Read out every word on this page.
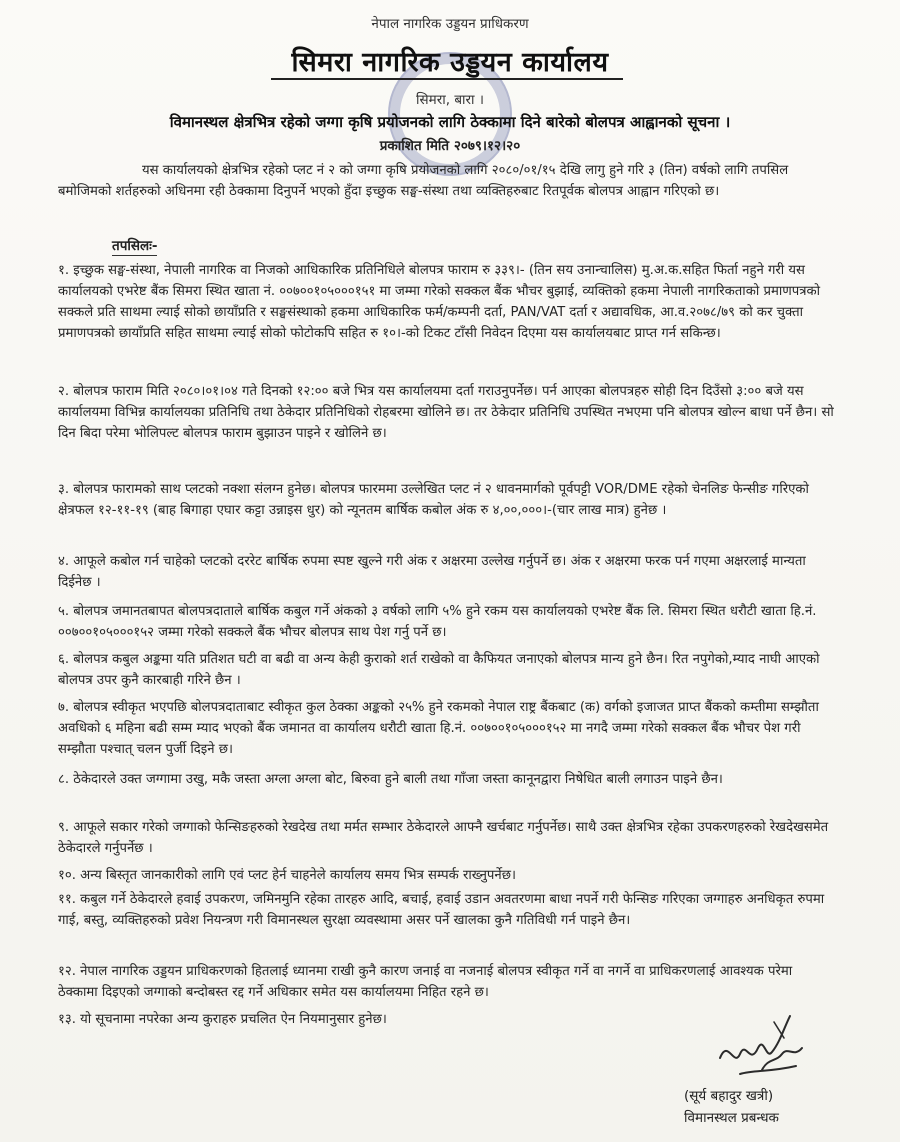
नेपाल नागरिक उड्डयन प्राधिकरण
सिमरा नागरिक उड्डयन कार्यालय
सिमरा, बारा ।
विमानस्थल क्षेत्रभित्र रहेको जग्गा कृषि प्रयोजनको लागि ठेक्कामा दिने बारेको बोलपत्र आह्वानको सूचना ।
प्रकाशित मिति २०७९।१२।२०
यस कार्यालयको क्षेत्रभित्र रहेको प्लट नं २ को जग्गा कृषि प्रयोजनको लागि २०८०/०१/१५ देखि लागु हुने गरि ३ (तिन) वर्षको लागि तपसिल बमोजिमको शर्तहरुको अधिनमा रही ठेक्कामा दिनुपर्ने भएको हुँदा इच्छुक सङ्घ-संस्था तथा व्यक्तिहरुबाट रितपूर्वक बोलपत्र आह्वान गरिएको छ।
तपसिलः-
१. इच्छुक सङ्घ-संस्था, नेपाली नागरिक वा निजको आधिकारिक प्रतिनिधिले बोलपत्र फाराम रु ३३९।- (तिन सय उनान्चालिस) मु.अ.क.सहित फिर्ता नहुने गरी यस कार्यालयको एभरेष्ट बैंक सिमरा स्थित खाता नं. ००७००१०५०००१५१ मा जम्मा गरेको सक्कल बैंक भौचर बुझाई, व्यक्तिको हकमा नेपाली नागरिकताको प्रमाणपत्रको सक्कले प्रति साथमा ल्याई सोको छायाँप्रति र सङ्घसंस्थाको हकमा आधिकारिक फर्म/कम्पनी दर्ता, PAN/VAT दर्ता र अद्यावधिक, आ.व.२०७८/७९ को कर चुक्ता प्रमाणपत्रको छायाँप्रति सहित साथमा ल्याई सोको फोटोकपि सहित रु १०।-को टिकट टाँसी निवेदन दिएमा यस कार्यालयबाट प्राप्त गर्न सकिन्छ।
२. बोलपत्र फाराम मिति २०८०।०१।०४ गते दिनको १२:०० बजे भित्र यस कार्यालयमा दर्ता गराउनुपर्नेछ। पर्न आएका बोलपत्रहरु सोही दिन दिउँसो ३:०० बजे यस कार्यालयमा विभिन्न कार्यालयका प्रतिनिधि तथा ठेकेदार प्रतिनिधिको रोहबरमा खोलिने छ। तर ठेकेदार प्रतिनिधि उपस्थित नभएमा पनि बोलपत्र खोल्न बाधा पर्ने छैन। सो दिन बिदा परेमा भोलिपल्ट बोलपत्र फाराम बुझाउन पाइने र खोलिने छ।
३. बोलपत्र फारामको साथ प्लटको नक्शा संलग्न हुनेछ। बोलपत्र फारममा उल्लेखित प्लट नं २ धावनमार्गको पूर्वपट्टी VOR/DME रहेको चेनलिङ फेन्सीङ गरिएको क्षेत्रफल १२-११-१९ (बाह बिगाहा एघार कट्टा उन्नाइस धुर) को न्यूनतम बार्षिक कबोल अंक रु ४,००,०००।-(चार लाख मात्र) हुनेछ ।
४. आफूले कबोल गर्न चाहेको प्लटको दररेट बार्षिक रुपमा स्पष्ट खुल्ने गरी अंक र अक्षरमा उल्लेख गर्नुपर्ने छ। अंक र अक्षरमा फरक पर्न गएमा अक्षरलाई मान्यता दिईनेछ ।
५. बोलपत्र जमानतबापत बोलपत्रदाताले बार्षिक कबुल गर्ने अंकको ३ वर्षको लागि ५% हुने रकम यस कार्यालयको एभरेष्ट बैंक लि. सिमरा स्थित धरौटी खाता हि.नं. ००७००१०५०००१५२ जम्मा गरेको सक्कले बैंक भौचर बोलपत्र साथ पेश गर्नु पर्ने छ।
६. बोलपत्र कबुल अङ्कमा यति प्रतिशत घटी वा बढी वा अन्य केही कुराको शर्त राखेको वा कैफियत जनाएको बोलपत्र मान्य हुने छैन। रित नपुगेको,म्याद नाघी आएको बोलपत्र उपर कुनै कारबाही गरिने छैन ।
७. बोलपत्र स्वीकृत भएपछि बोलपत्रदाताबाट स्वीकृत कुल ठेक्का अङ्कको २५% हुने रकमको नेपाल राष्ट्र बैंकबाट (क) वर्गको इजाजत प्राप्त बैंकको कम्तीमा सम्झौता अवधिको ६ महिना बढी सम्म म्याद भएको बैंक जमानत वा कार्यालय धरौटी खाता हि.नं. ००७००१०५०००१५२ मा नगदै जम्मा गरेको सक्कल बैंक भौचर पेश गरी सम्झौता पश्चात् चलन पुर्जी दिइने छ।
८. ठेकेदारले उक्त जग्गामा उखु, मकै जस्ता अग्ला अग्ला बोट, बिरुवा हुने बाली तथा गाँजा जस्ता कानूनद्वारा निषेधित बाली लगाउन पाइने छैन।
९. आफूले सकार गरेको जग्गाको फेन्सिङहरुको रेखदेख तथा मर्मत सम्भार ठेकेदारले आफ्नै खर्चबाट गर्नुपर्नेछ। साथै उक्त क्षेत्रभित्र रहेका उपकरणहरुको रेखदेखसमेत ठेकेदारले गर्नुपर्नेछ ।
१०. अन्य बिस्तृत जानकारीको लागि एवं प्लट हेर्न चाहनेले कार्यालय समय भित्र सम्पर्क राख्नुपर्नेछ।
११. कबुल गर्ने ठेकेदारले हवाई उपकरण, जमिनमुनि रहेका तारहरु आदि, बचाई, हवाई उडान अवतरणमा बाधा नपर्ने गरी फेन्सिङ गरिएका जग्गाहरु अनधिकृत रुपमा गाई, बस्तु, व्यक्तिहरुको प्रवेश नियन्त्रण गरी विमानस्थल सुरक्षा व्यवस्थामा असर पर्ने खालका कुनै गतिविधी गर्न पाइने छैन।
१२. नेपाल नागरिक उड्डयन प्राधिकरणको हितलाई ध्यानमा राखी कुनै कारण जनाई वा नजनाई बोलपत्र स्वीकृत गर्ने वा नगर्ने वा प्राधिकरणलाई आवश्यक परेमा ठेक्कामा दिइएको जग्गाको बन्दोबस्त रद्द गर्ने अधिकार समेत यस कार्यालयमा निहित रहने छ।
१३. यो सूचनामा नपरेका अन्य कुराहरु प्रचलित ऐन नियमानुसार हुनेछ।
(सूर्य बहादुर खत्री)
विमानस्थल प्रबन्धक
